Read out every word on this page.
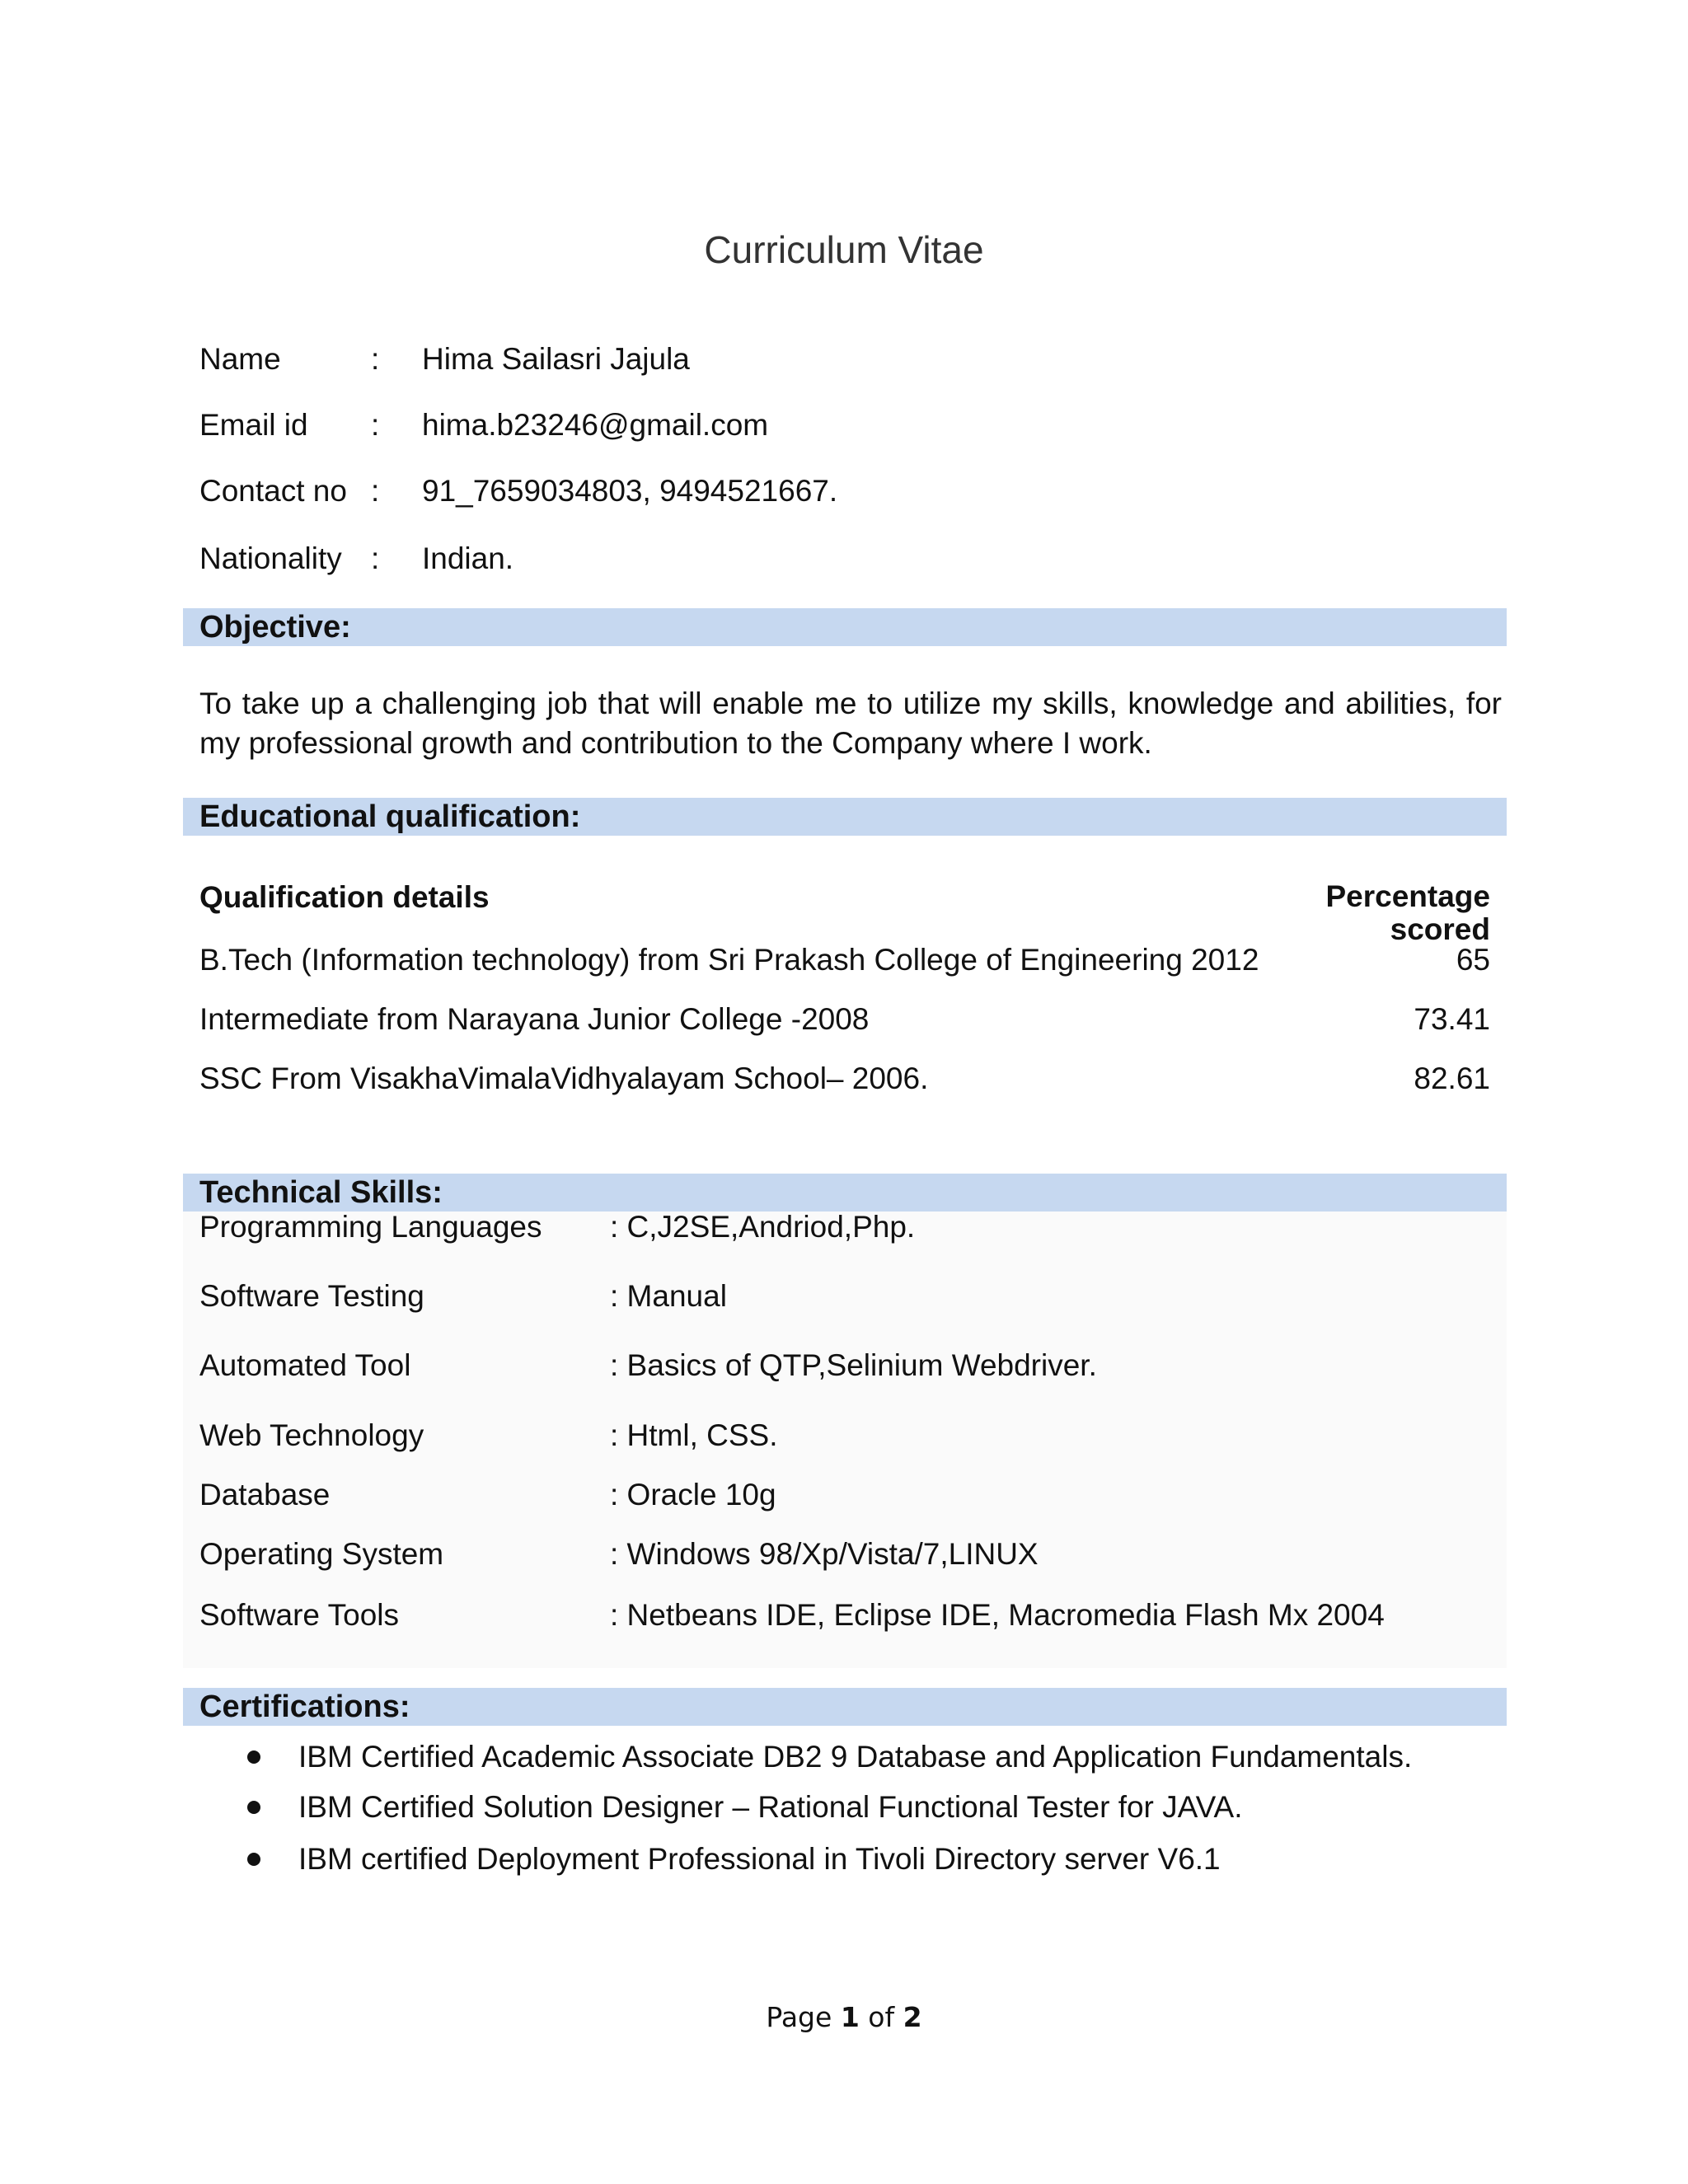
Curriculum Vitae
Name	: Hima Sailasri Jajula
Email id : hima.b23246@gmail.com
Contact no : 91_7659034803, 9494521667.
Nationality : Indian.
Objective:
To take up a challenging job that will enable me to utilize my skills, knowledge and abilities, for my professional growth and contribution to the Company where I work.
Educational qualification:
Qualification details	Percentage
scored
B.Tech (Information technology) from Sri Prakash College of Engineering 2012	65
Intermediate from Narayana Junior College -2008	73.41
SSC From VisakhaVimalaVidhyalayam School– 2006.	82.61
Technical Skills:
Programming Languages : C,J2SE,Andriod,Php.
Software Testing	: Manual
Automated Tool	: Basics of QTP,Selinium Webdriver.
Web Technology	: Html, CSS.
Database	: Oracle 10g
Operating System	: Windows 98/Xp/Vista/7,LINUX
Software Tools	: Netbeans IDE, Eclipse IDE, Macromedia Flash Mx 2004
Certifications:
IBM Certified Academic Associate DB2 9 Database and Application Fundamentals.
IBM Certified Solution Designer – Rational Functional Tester for JAVA.
IBM certified Deployment Professional in Tivoli Directory server V6.1
Page 1 of 2
